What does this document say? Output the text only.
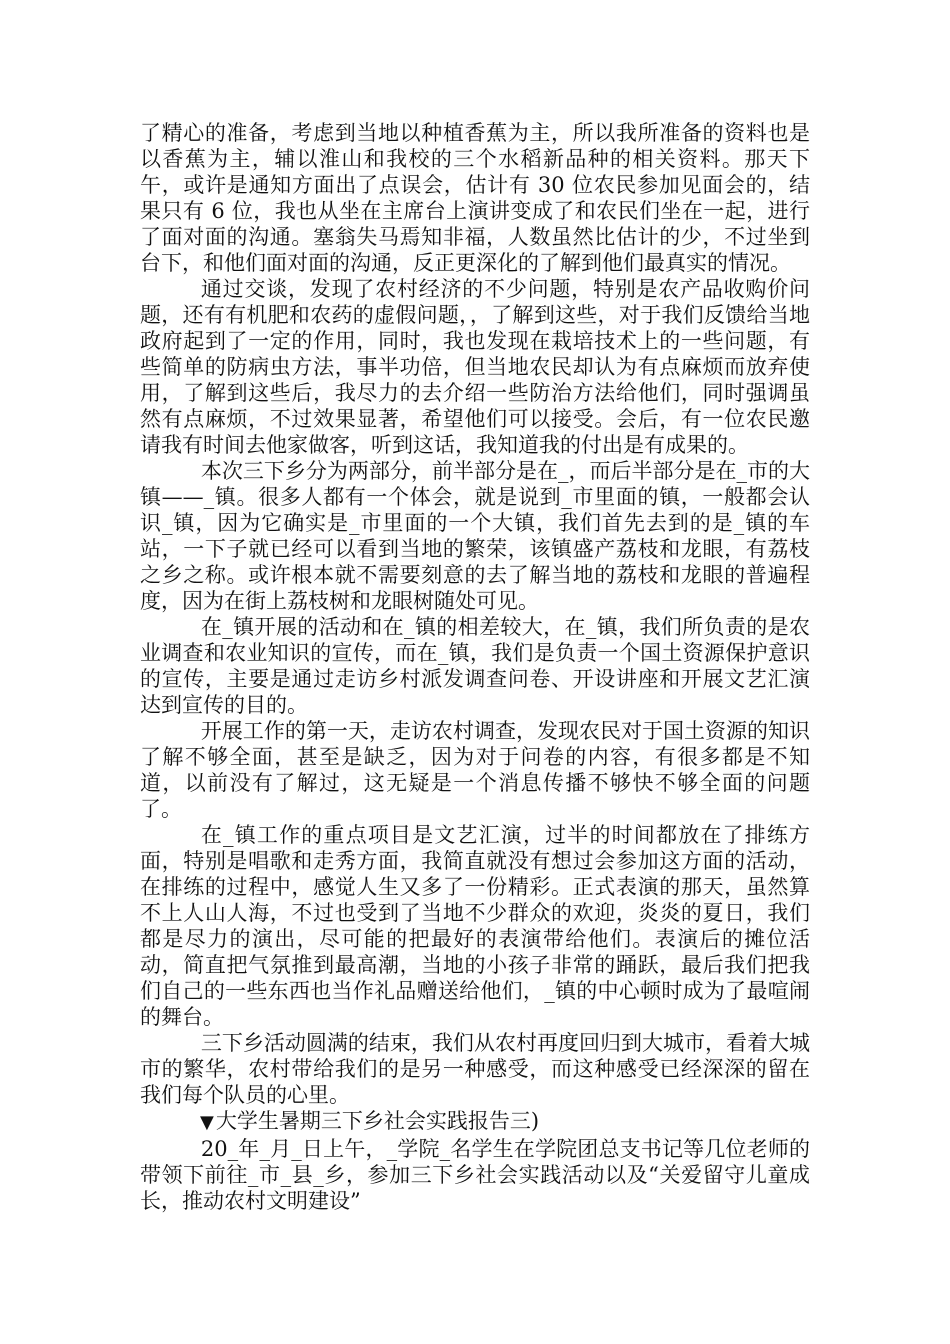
了精心的准备，考虑到当地以种植香蕉为主，所以我所准备的资料也是以香蕉为主，辅以淮山和我校的三个水稻新品种的相关资料。那天下午，或许是通知方面出了点误会，估计有 30 位农民参加见面会的，结果只有 6 位，我也从坐在主席台上演讲变成了和农民们坐在一起，进行了面对面的沟通。塞翁失马焉知非福，人数虽然比估计的少，不过坐到台下，和他们面对面的沟通，反正更深化的了解到他们最真实的情况。

通过交谈，发现了农村经济的不少问题，特别是农产品收购价问题，还有有机肥和农药的虚假问题，，了解到这些，对于我们反馈给当地政府起到了一定的作用，同时，我也发现在栽培技术上的一些问题，有些简单的防病虫方法，事半功倍，但当地农民却认为有点麻烦而放弃使用，了解到这些后，我尽力的去介绍一些防治方法给他们，同时强调虽然有点麻烦，不过效果显著，希望他们可以接受。会后，有一位农民邀请我有时间去他家做客，听到这话，我知道我的付出是有成果的。

本次三下乡分为两部分，前半部分是在_，而后半部分是在_市的大镇——_镇。很多人都有一个体会，就是说到_市里面的镇，一般都会认识_镇，因为它确实是_市里面的一个大镇，我们首先去到的是_镇的车站，一下子就已经可以看到当地的繁荣，该镇盛产荔枝和龙眼，有荔枝之乡之称。或许根本就不需要刻意的去了解当地的荔枝和龙眼的普遍程度，因为在街上荔枝树和龙眼树随处可见。

在_镇开展的活动和在_镇的相差较大，在_镇，我们所负责的是农业调查和农业知识的宣传，而在_镇，我们是负责一个国土资源保护意识的宣传，主要是通过走访乡村派发调查问卷、开设讲座和开展文艺汇演达到宣传的目的。

开展工作的第一天，走访农村调查，发现农民对于国土资源的知识了解不够全面，甚至是缺乏，因为对于问卷的内容，有很多都是不知道，以前没有了解过，这无疑是一个消息传播不够快不够全面的问题了。

在_镇工作的重点项目是文艺汇演，过半的时间都放在了排练方面，特别是唱歌和走秀方面，我简直就没有想过会参加这方面的活动，在排练的过程中，感觉人生又多了一份精彩。正式表演的那天，虽然算不上人山人海，不过也受到了当地不少群众的欢迎，炎炎的夏日，我们都是尽力的演出，尽可能的把最好的表演带给他们。表演后的摊位活动，简直把气氛推到最高潮，当地的小孩子非常的踊跃，最后我们把我们自己的一些东西也当作礼品赠送给他们，_镇的中心顿时成为了最喧闹的舞台。

三下乡活动圆满的结束，我们从农村再度回归到大城市，看着大城市的繁华，农村带给我们的是另一种感受，而这种感受已经深深的留在我们每个队员的心里。

▼大学生暑期三下乡社会实践报告三)

20_年_月_日上午，_学院_名学生在学院团总支书记等几位老师的带领下前往_市_县_乡，参加三下乡社会实践活动以及“关爱留守儿童成长，推动农村文明建设”
